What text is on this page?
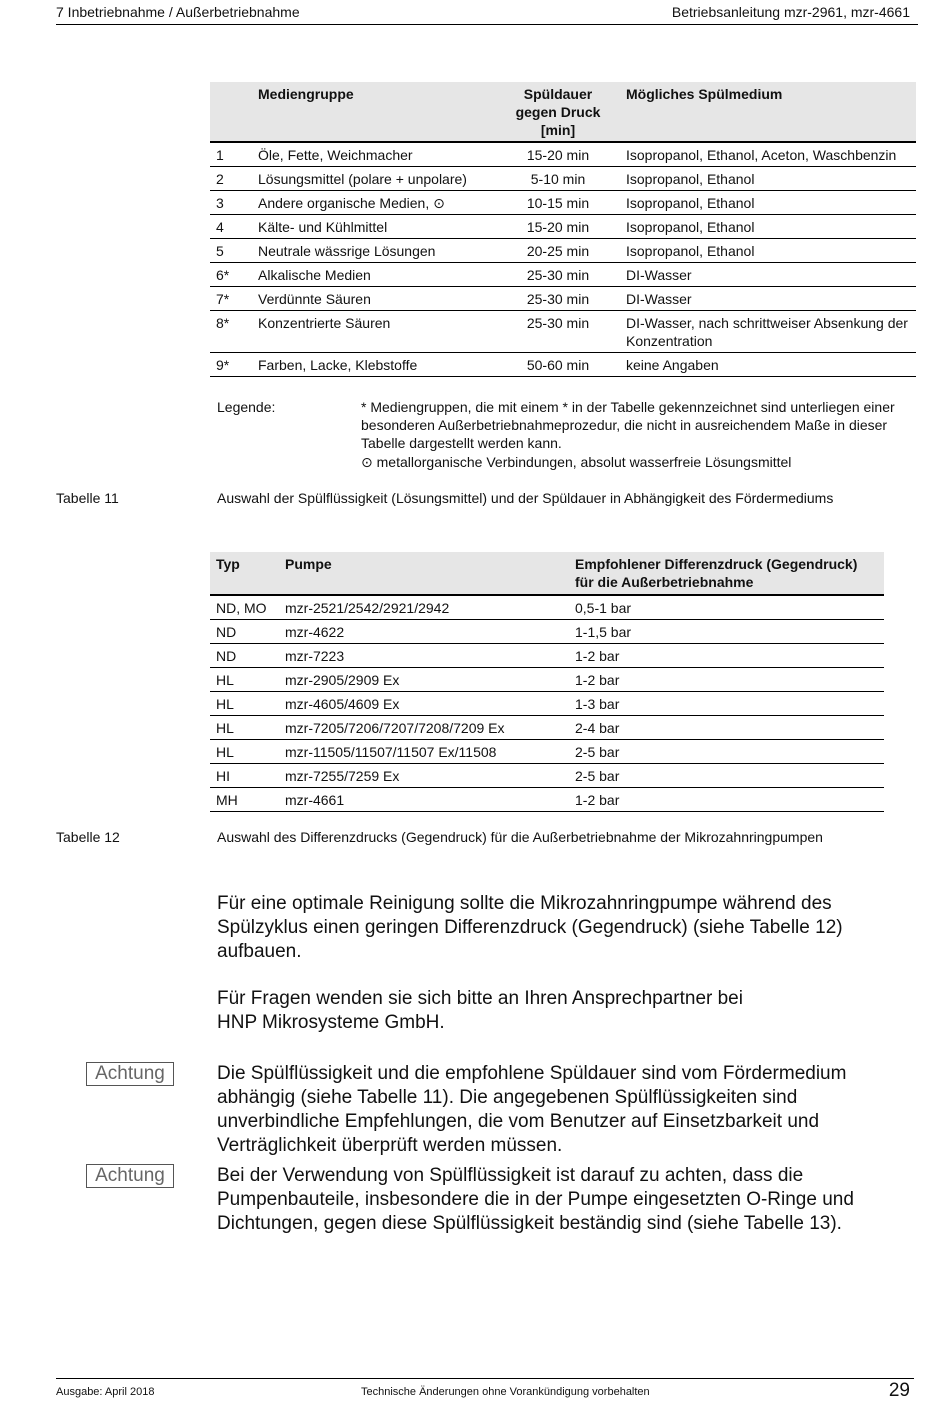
7 Inbetriebnahme / Außerbetriebnahme	Betriebsanleitung mzr-2961, mzr-4661
	Mediengruppe	Spüldauer gegen Druck [min]	Mögliches Spülmedium
1	Öle, Fette, Weichmacher	15-20 min	Isopropanol, Ethanol, Aceton, Waschbenzin
2	Lösungsmittel (polare + unpolare)	5-10 min	Isopropanol, Ethanol
3	Andere organische Medien, ⊙	10-15 min	Isopropanol, Ethanol
4	Kälte- und Kühlmittel	15-20 min	Isopropanol, Ethanol
5	Neutrale wässrige Lösungen	20-25 min	Isopropanol, Ethanol
6*	Alkalische Medien	25-30 min	DI-Wasser
7*	Verdünnte Säuren	25-30 min	DI-Wasser
8*	Konzentrierte Säuren	25-30 min	DI-Wasser, nach schrittweiser Absenkung der Konzentration
9*	Farben, Lacke, Klebstoffe	50-60 min	keine Angaben
Legende:	* Mediengruppen, die mit einem * in der Tabelle gekennzeichnet sind unterliegen einer besonderen Außerbetriebnahmeprozedur, die nicht in ausreichendem Maße in dieser Tabelle dargestellt werden kann.
⊙ metallorganische Verbindungen, absolut wasserfreie Lösungsmittel
Tabelle 11	Auswahl der Spülflüssigkeit (Lösungsmittel) und der Spüldauer in Abhängigkeit des Fördermediums
Typ	Pumpe	Empfohlener Differenzdruck (Gegendruck) für die Außerbetriebnahme
ND, MO	mzr-2521/2542/2921/2942	0,5-1 bar
ND	mzr-4622	1-1,5 bar
ND	mzr-7223	1-2 bar
HL	mzr-2905/2909 Ex	1-2 bar
HL	mzr-4605/4609 Ex	1-3 bar
HL	mzr-7205/7206/7207/7208/7209 Ex	2-4 bar
HL	mzr-11505/11507/11507 Ex/11508	2-5 bar
HI	mzr-7255/7259 Ex	2-5 bar
MH	mzr-4661	1-2 bar
Tabelle 12	Auswahl des Differenzdrucks (Gegendruck) für die Außerbetriebnahme der Mikrozahnringpumpen
Für eine optimale Reinigung sollte die Mikrozahnringpumpe während des Spülzyklus einen geringen Differenzdruck (Gegendruck) (siehe Tabelle 12) aufbauen.
Für Fragen wenden sie sich bitte an Ihren Ansprechpartner bei HNP Mikrosysteme GmbH.
Achtung	Die Spülflüssigkeit und die empfohlene Spüldauer sind vom Fördermedium abhängig (siehe Tabelle 11). Die angegebenen Spülflüssigkeiten sind unverbindliche Empfehlungen, die vom Benutzer auf Einsetzbarkeit und Verträglichkeit überprüft werden müssen.
Achtung	Bei der Verwendung von Spülflüssigkeit ist darauf zu achten, dass die Pumpenbauteile, insbesondere die in der Pumpe eingesetzten O-Ringe und Dichtungen, gegen diese Spülflüssigkeit beständig sind (siehe Tabelle 13).
Ausgabe: April 2018	Technische Änderungen ohne Vorankündigung vorbehalten	29
